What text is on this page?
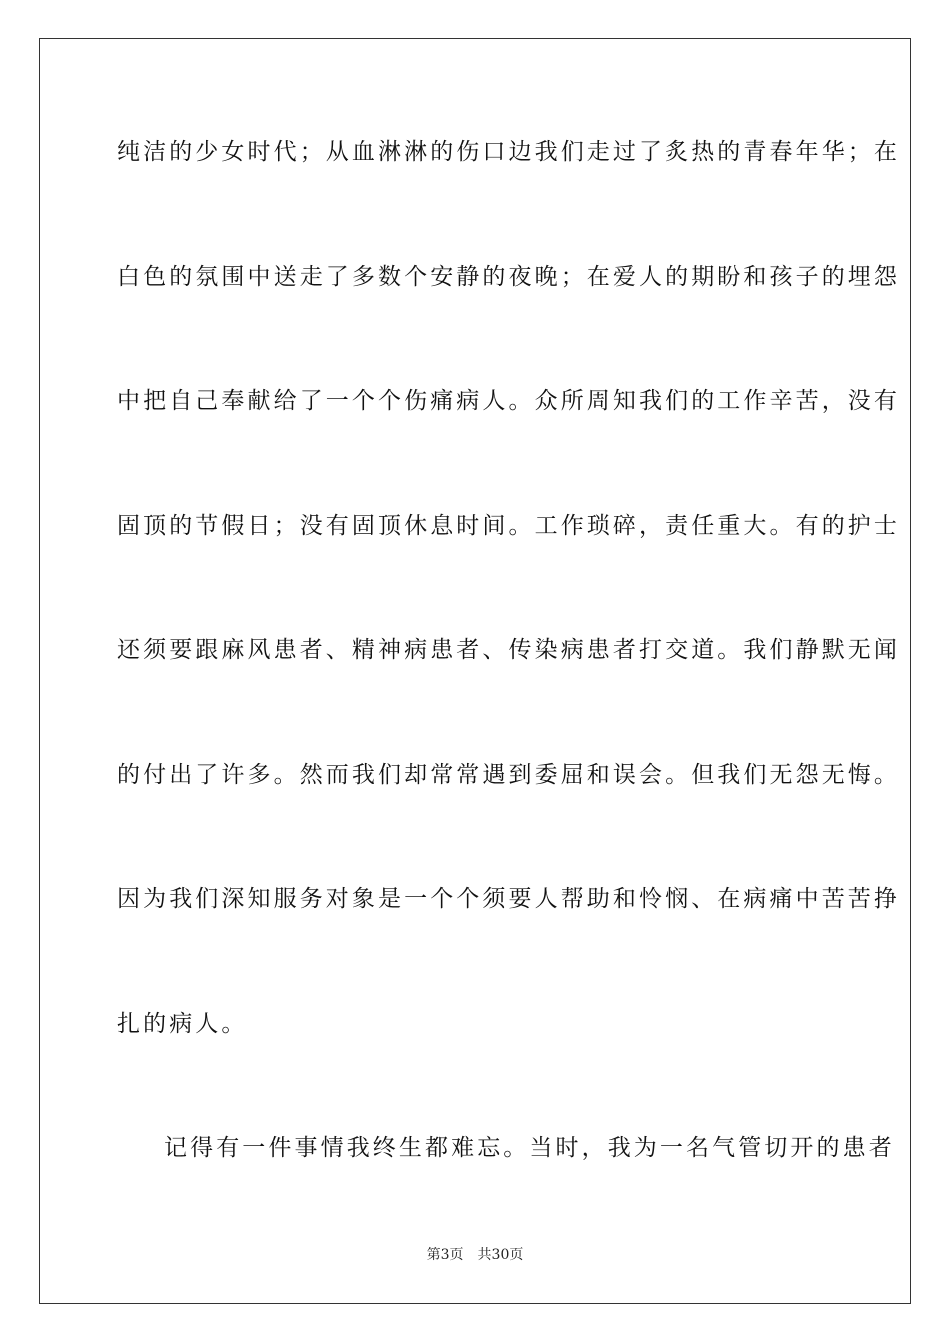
纯洁的少女时代；从血淋淋的伤口边我们走过了炙热的青春年华；在
白色的氛围中送走了多数个安静的夜晚；在爱人的期盼和孩子的埋怨
中把自己奉献给了一个个伤痛病人。众所周知我们的工作辛苦，没有
固顶的节假日；没有固顶休息时间。工作琐碎，责任重大。有的护士
还须要跟麻风患者、精神病患者、传染病患者打交道。我们静默无闻
的付出了许多。然而我们却常常遇到委屈和误会。但我们无怨无悔。
因为我们深知服务对象是一个个须要人帮助和怜悯、在病痛中苦苦挣
扎的病人。
记得有一件事情我终生都难忘。当时，我为一名气管切开的患者
第3页 共30页
